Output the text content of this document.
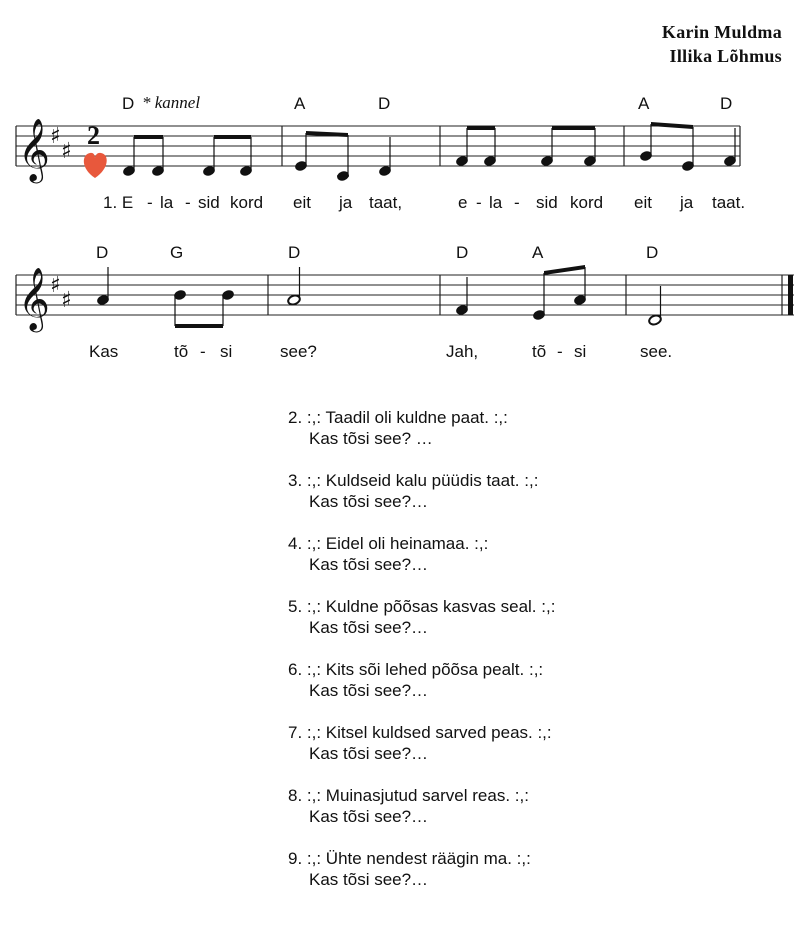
Karin Muldma
Illika Lõhmus
D * kannel	A	D	A	D
𝄞 ♯
♯
2
1. E - la - sid kord eit ja taat,	e - la - sid kord eit ja taat.
D	G	D	D	A	D
𝄞 ♯
♯
Kas	tõ - si	see?	Jah,	tõ - si	see.
2. :,: Taadil oli kuldne paat. :,:
Kas tõsi see? …
3. :,: Kuldseid kalu püüdis taat. :,:
Kas tõsi see?…
4. :,: Eidel oli heinamaa. :,:
Kas tõsi see?…
5. :,: Kuldne põõsas kasvas seal. :,:
Kas tõsi see?…
6. :,: Kits sõi lehed põõsa pealt. :,:
Kas tõsi see?…
7. :,: Kitsel kuldsed sarved peas. :,:
Kas tõsi see?…
8. :,: Muinasjutud sarvel reas. :,:
Kas tõsi see?…
9. :,: Ühte nendest räägin ma. :,:
Kas tõsi see?…
